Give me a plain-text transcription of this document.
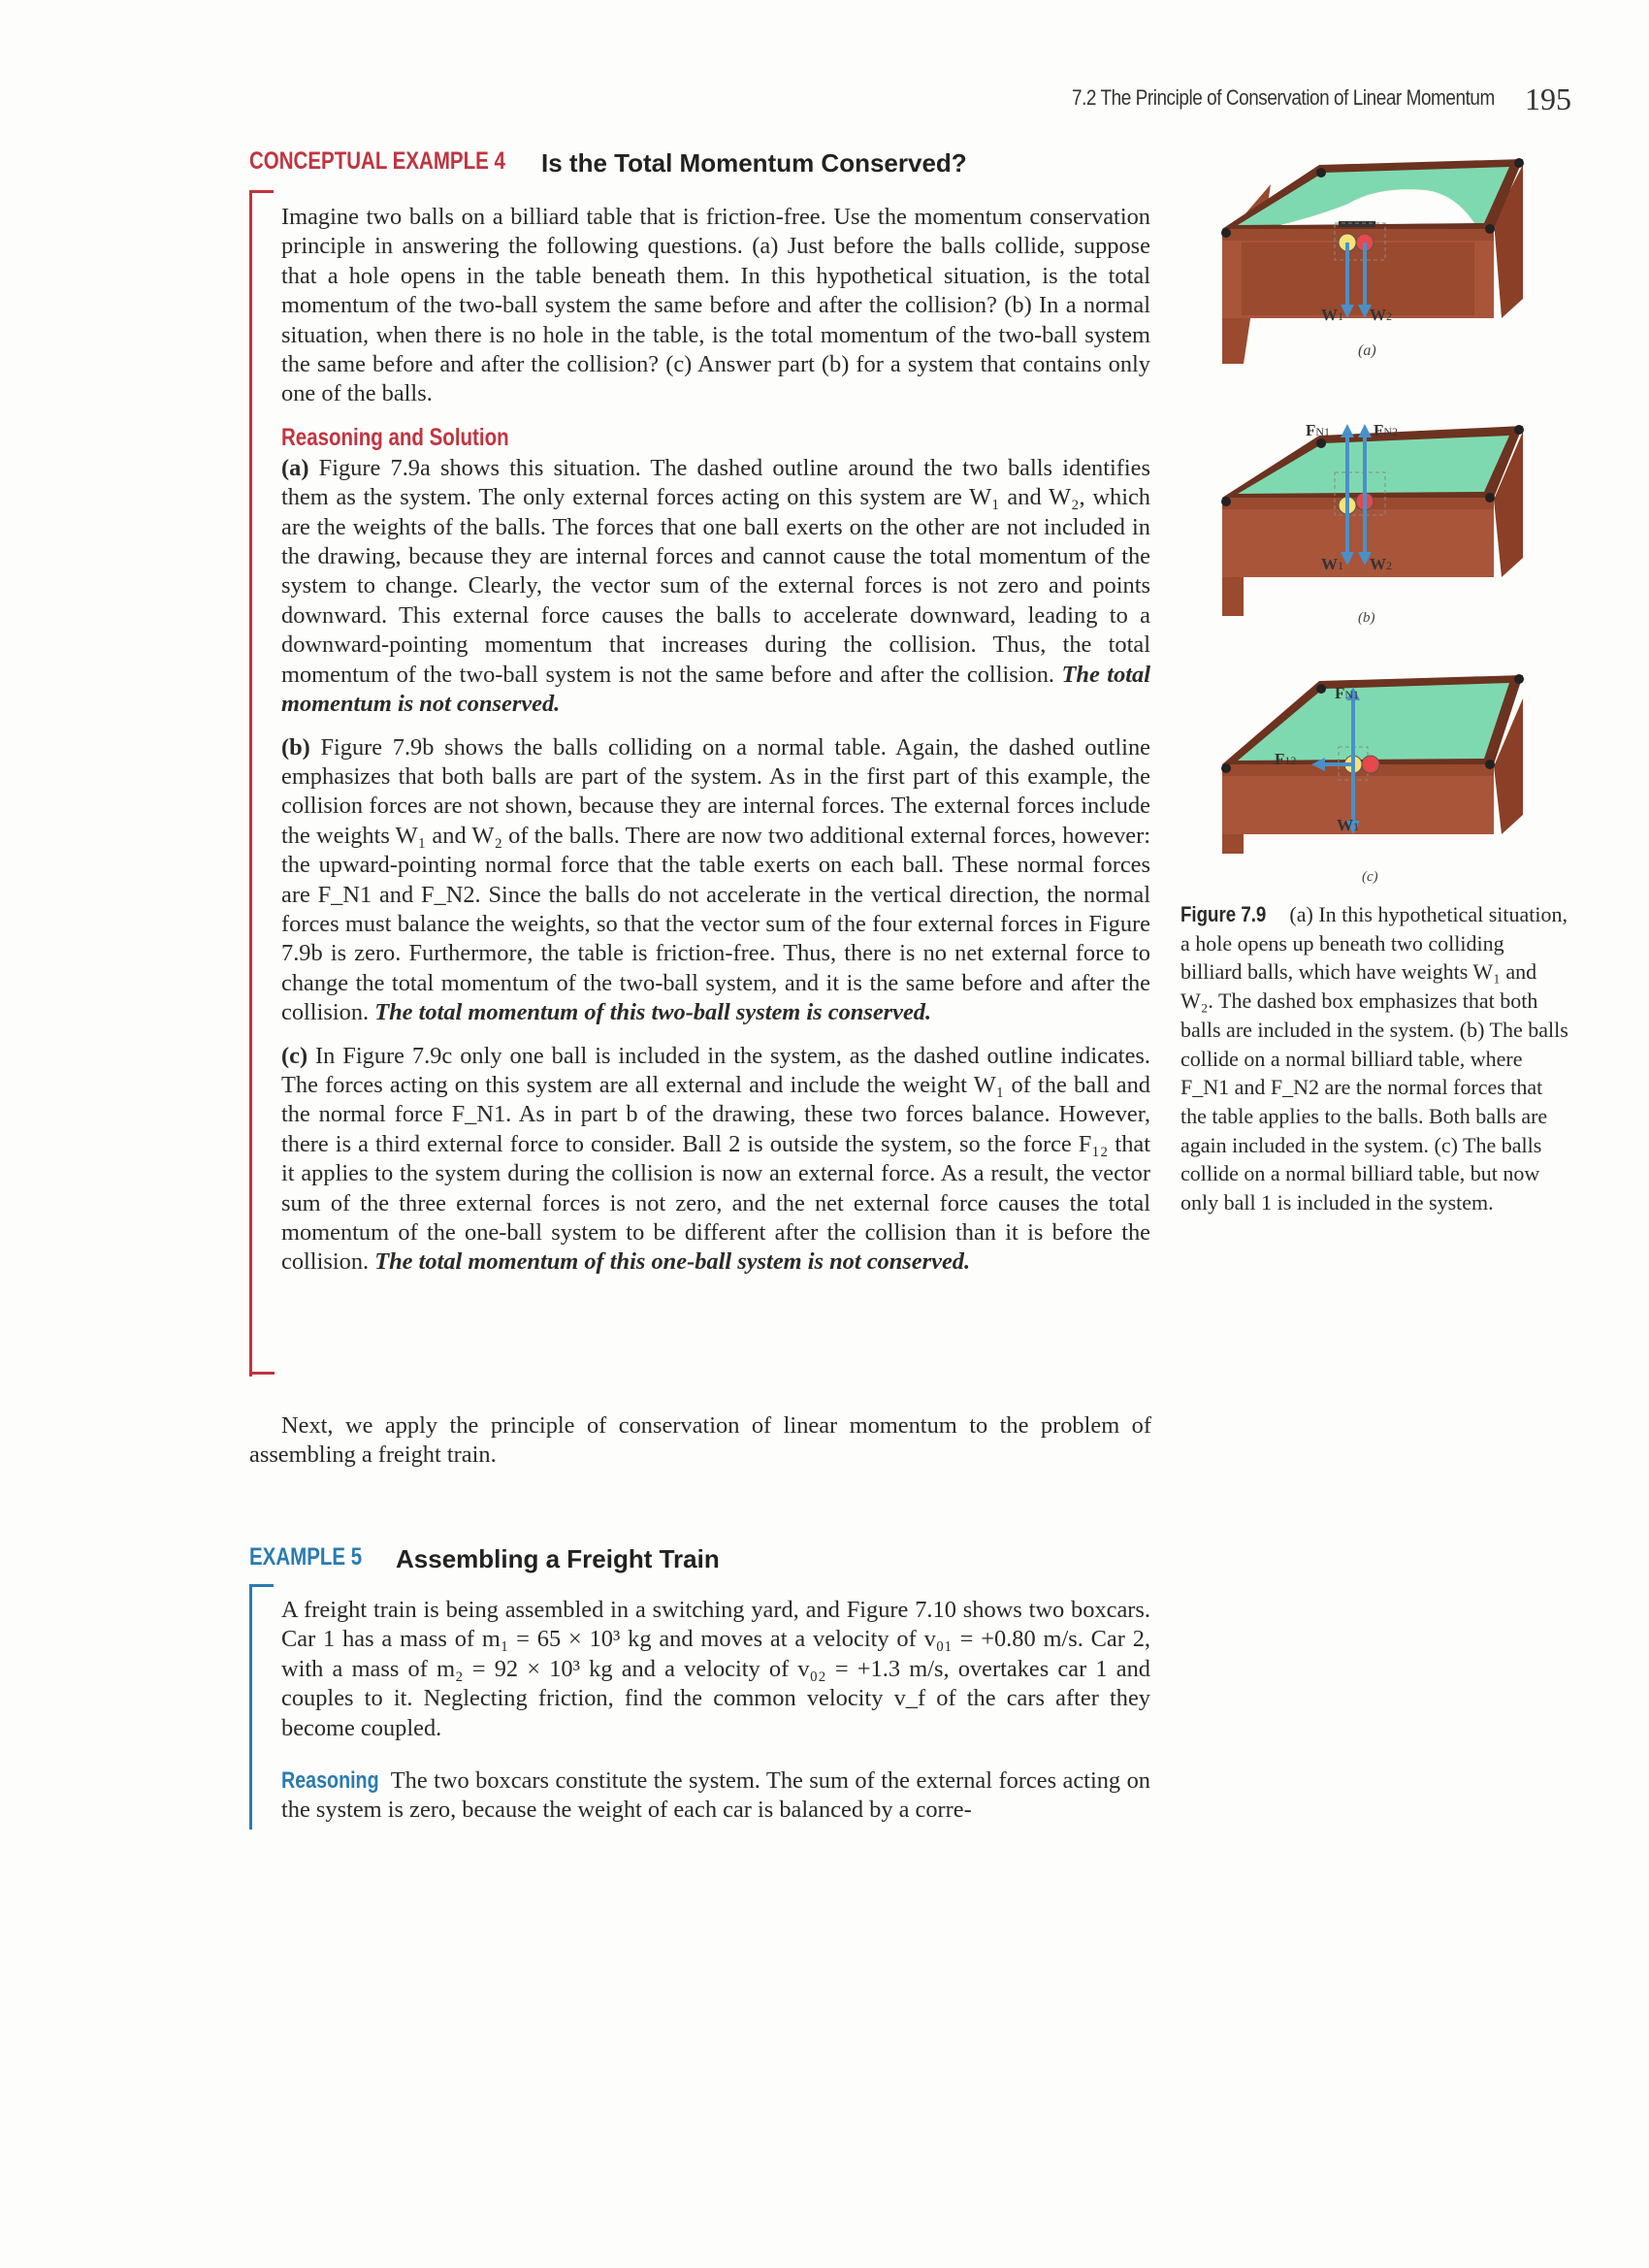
7.2 The Principle of Conservation of Linear Momentum 195
CONCEPTUAL EXAMPLE 4 Is the Total Momentum Conserved?

Imagine two balls on a billiard table that is friction-free. Use the momentum conservation principle in answering the following questions. (a) Just before the balls collide, suppose that a hole opens in the table beneath them. In this hypothetical situation, is the total momentum of the two-ball system the same before and after the collision? (b) In a normal situation, when there is no hole in the table, is the total momentum of the two-ball system the same before and after the collision? (c) Answer part (b) for a system that contains only one of the balls.

Reasoning and Solution

(a) Figure 7.9a shows this situation. The dashed outline around the two balls identifies them as the system. The only external forces acting on this system are W₁ and W₂, which are the weights of the balls. The forces that one ball exerts on the other are not included in the drawing, because they are internal forces and cannot cause the total momentum of the system to change. Clearly, the vector sum of the external forces is not zero and points downward. This external force causes the balls to accelerate downward, leading to a downward-pointing momentum that increases during the collision. Thus, the total momentum of the two-ball system is not the same before and after the collision. The total momentum is not conserved.

(b) Figure 7.9b shows the balls colliding on a normal table. Again, the dashed outline emphasizes that both balls are part of the system. As in the first part of this example, the collision forces are not shown, because they are internal forces. The external forces include the weights W₁ and W₂ of the balls. There are now two additional external forces, however: the upward-pointing normal force that the table exerts on each ball. These normal forces are F_N1 and F_N2. Since the balls do not accelerate in the vertical direction, the normal forces must balance the weights, so that the vector sum of the four external forces in Figure 7.9b is zero. Furthermore, the table is friction-free. Thus, there is no net external force to change the total momentum of the two-ball system, and it is the same before and after the collision. The total momentum of this two-ball system is conserved.

(c) In Figure 7.9c only one ball is included in the system, as the dashed outline indicates. The forces acting on this system are all external and include the weight W₁ of the ball and the normal force F_N1. As in part b of the drawing, these two forces balance. However, there is a third external force to consider. Ball 2 is outside the system, so the force F₁₂ that it applies to the system during the collision is now an external force. As a result, the vector sum of the three external forces is not zero, and the net external force causes the total momentum of the one-ball system to be different after the collision than it is before the collision. The total momentum of this one-ball system is not conserved.

Next, we apply the principle of conservation of linear momentum to the problem of assembling a freight train.
EXAMPLE 5 Assembling a Freight Train

A freight train is being assembled in a switching yard, and Figure 7.10 shows two boxcars. Car 1 has a mass of m₁ = 65 × 10³ kg and moves at a velocity of v₀₁ = +0.80 m/s. Car 2, with a mass of m₂ = 92 × 10³ kg and a velocity of v₀₂ = +1.3 m/s, overtakes car 1 and couples to it. Neglecting friction, find the common velocity v_f of the cars after they become coupled.

Reasoning The two boxcars constitute the system. The sum of the external forces acting on the system is zero, because the weight of each car is balanced by a corre-

W1 W2
(a)
FN1	FN2
W1 W2
(b)
FN1
F12
W1
(c)
Figure 7.9 (a) In this hypothetical situation, a hole opens up beneath two colliding billiard balls, which have weights W₁ and W₂. The dashed box emphasizes that both balls are included in the system. (b) The balls collide on a normal billiard table, where F_N1 and F_N2 are the normal forces that the table applies to the balls. Both balls are again included in the system. (c) The balls collide on a normal billiard table, but now only ball 1 is included in the system.
